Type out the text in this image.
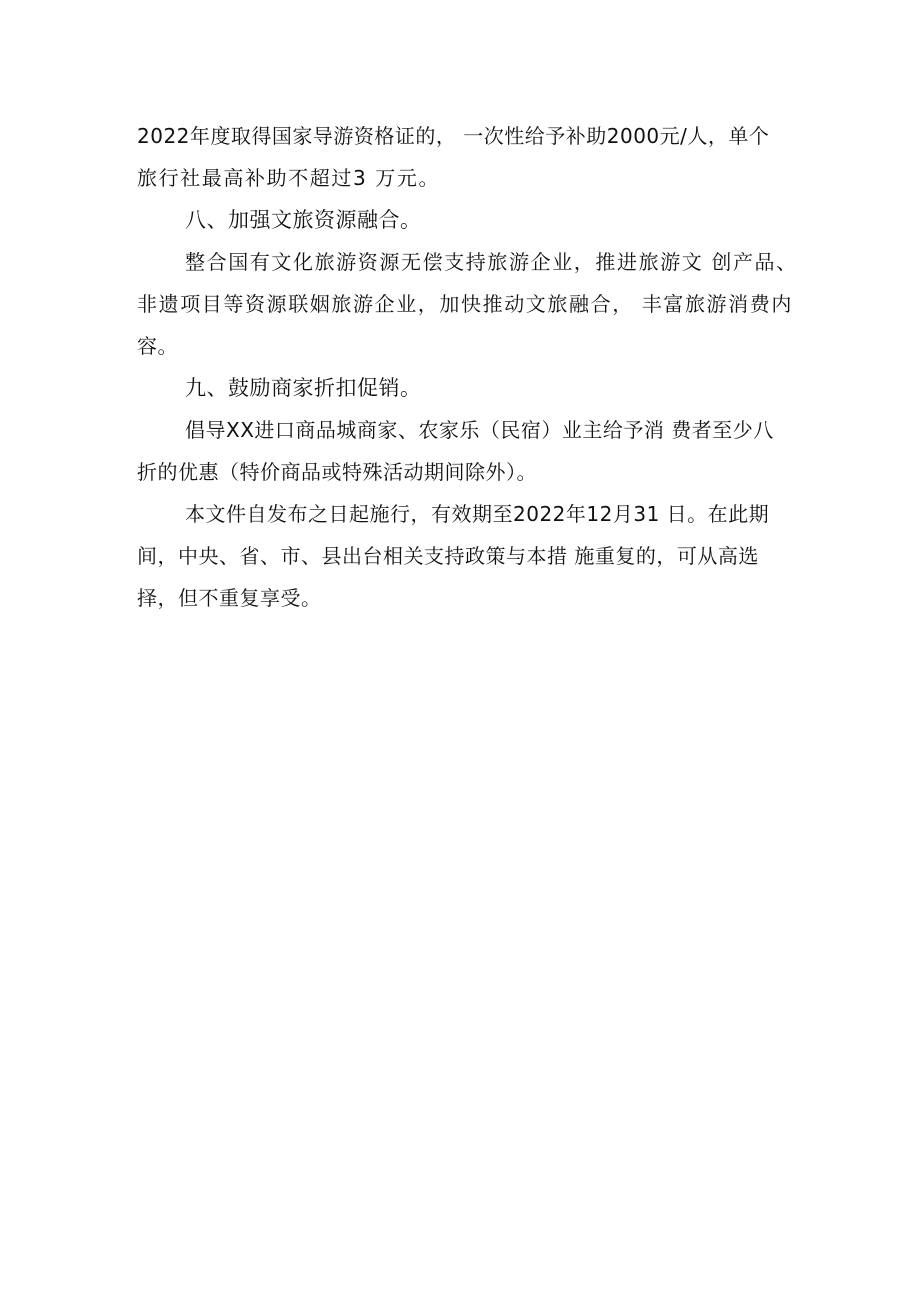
2022年度取得国家导游资格证的， 一次性给予补助2000元/人，单个
旅行社最高补助不超过3 万元。
八、加强文旅资源融合。
整合国有文化旅游资源无偿支持旅游企业，推进旅游文 创产品、
非遗项目等资源联姻旅游企业，加快推动文旅融合， 丰富旅游消费内
容。
九、鼓励商家折扣促销。
倡导XX进口商品城商家、农家乐（民宿）业主给予消 费者至少八
折的优惠（特价商品或特殊活动期间除外）。
本文件自发布之日起施行，有效期至2022年12月31 日。在此期
间，中央、省、市、县出台相关支持政策与本措 施重复的，可从高选
择，但不重复享受。
